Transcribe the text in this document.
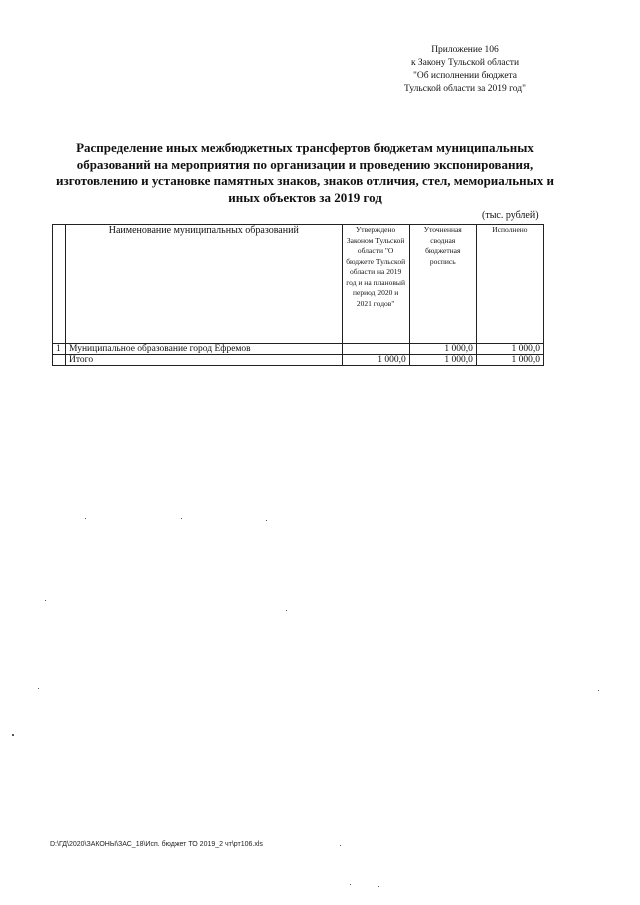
Приложение 106
к Закону Тульской области
"Об исполнении бюджета
Тульской области за 2019 год"
Распределение иных межбюджетных трансфертов бюджетам муниципальных образований на мероприятия по организации и проведению экспонирования, изготовлению и установке памятных знаков, знаков отличия, стел, мемориальных и иных объектов за 2019 год
(тыс. рублей)
	Наименование муниципальных образований	Утверждено Законом Тульской области "О бюджете Тульской области на 2019 год и на плановый период 2020 и 2021 годов"	Уточненная сводная бюджетная роспись	Исполнено
1	Муниципальное образование город Ефремов		1 000,0	1 000,0
	Итого	1 000,0	1 000,0	1 000,0
D:\ГД\2020\ЗАКОНЫ\ЗАС_18\Исп. бюджет ТО 2019_2 чт\рт106.xls
